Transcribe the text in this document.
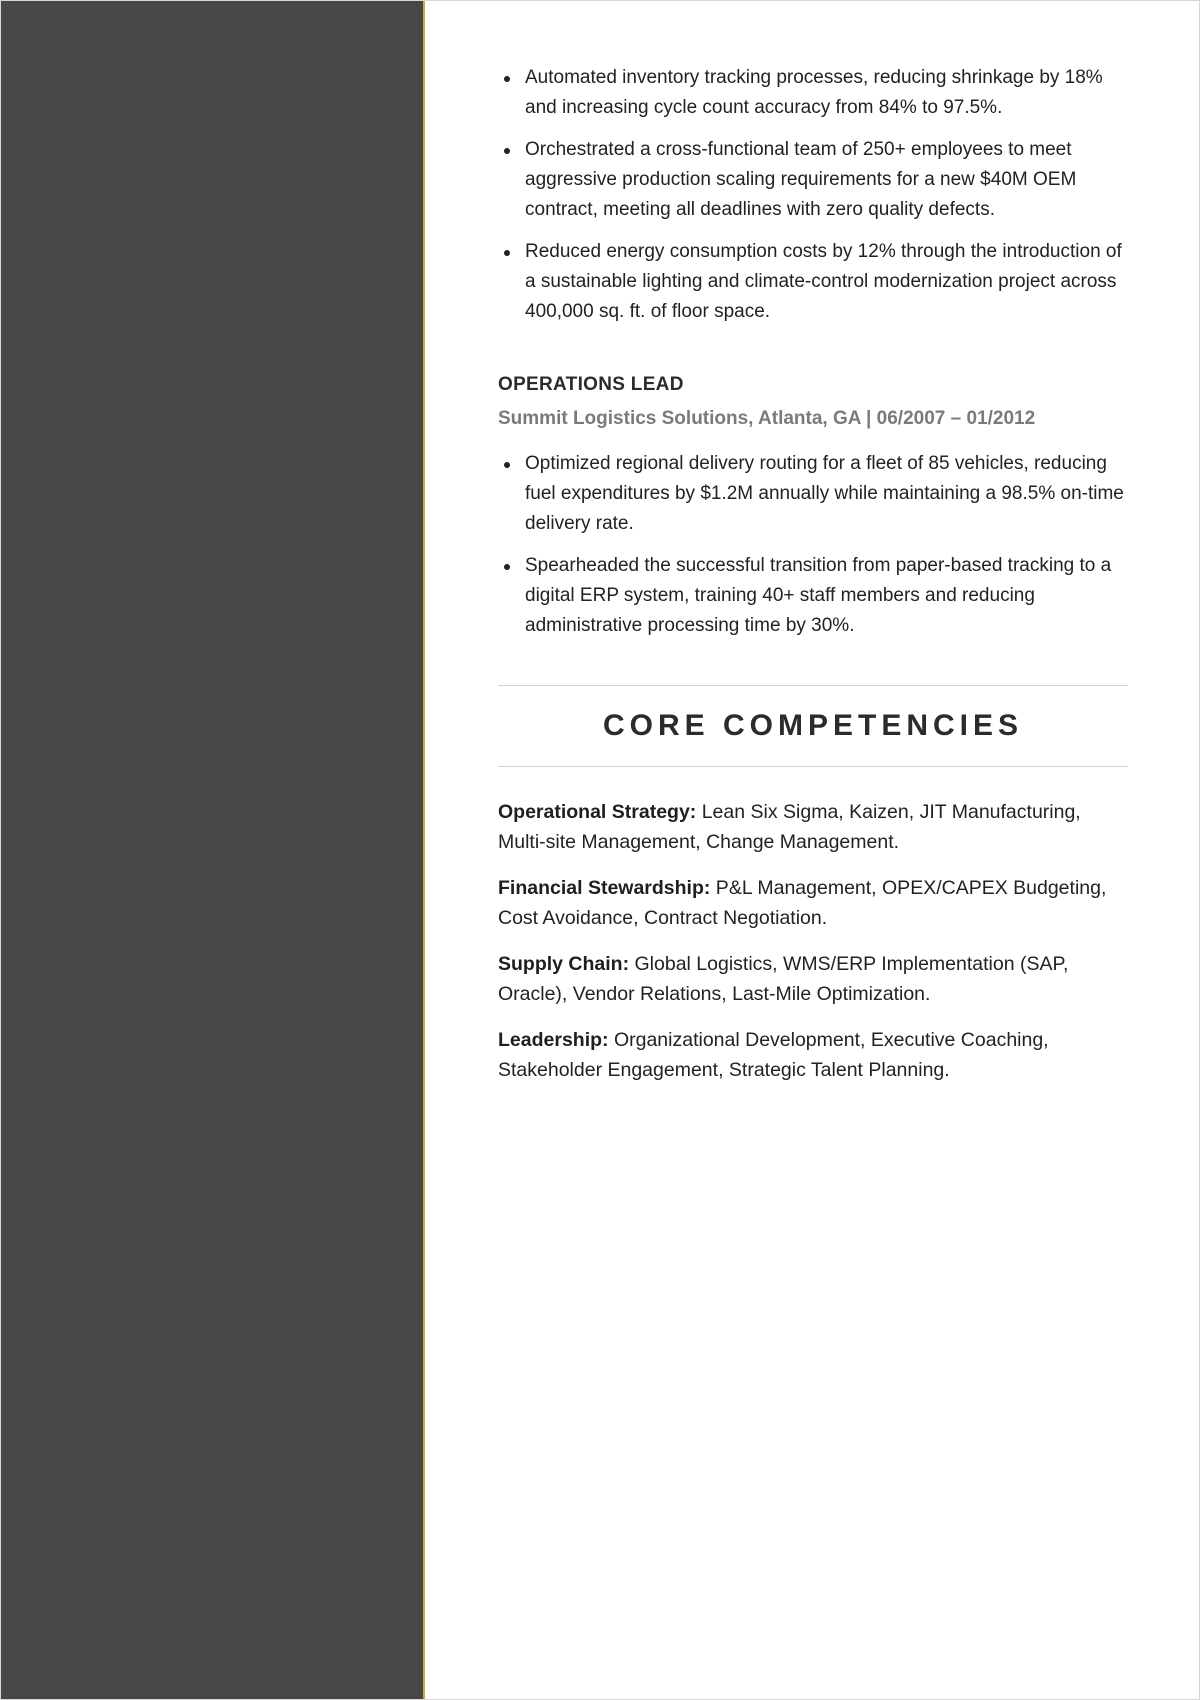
Automated inventory tracking processes, reducing shrinkage by 18% and increasing cycle count accuracy from 84% to 97.5%.
Orchestrated a cross-functional team of 250+ employees to meet aggressive production scaling requirements for a new $40M OEM contract, meeting all deadlines with zero quality defects.
Reduced energy consumption costs by 12% through the introduction of a sustainable lighting and climate-control modernization project across 400,000 sq. ft. of floor space.
OPERATIONS LEAD
Summit Logistics Solutions, Atlanta, GA | 06/2007 – 01/2012
Optimized regional delivery routing for a fleet of 85 vehicles, reducing fuel expenditures by $1.2M annually while maintaining a 98.5% on-time delivery rate.
Spearheaded the successful transition from paper-based tracking to a digital ERP system, training 40+ staff members and reducing administrative processing time by 30%.
CORE COMPETENCIES
Operational Strategy: Lean Six Sigma, Kaizen, JIT Manufacturing, Multi-site Management, Change Management.
Financial Stewardship: P&L Management, OPEX/CAPEX Budgeting, Cost Avoidance, Contract Negotiation.
Supply Chain: Global Logistics, WMS/ERP Implementation (SAP, Oracle), Vendor Relations, Last-Mile Optimization.
Leadership: Organizational Development, Executive Coaching, Stakeholder Engagement, Strategic Talent Planning.
